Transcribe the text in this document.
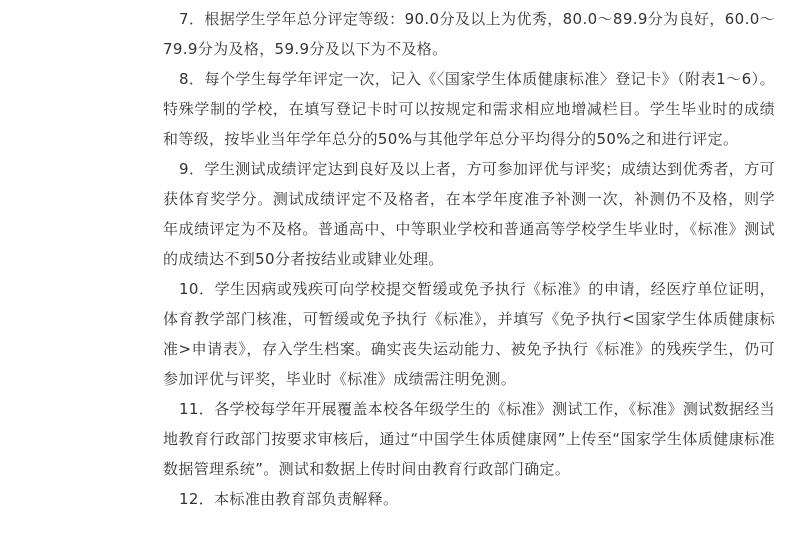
7．根据学生学年总分评定等级：90.0分及以上为优秀，80.0～89.9分为良好，60.0～79.9分为及格，59.9分及以下为不及格。

8．每个学生每学年评定一次，记入《〈国家学生体质健康标准〉登记卡》（附表1～6）。特殊学制的学校，在填写登记卡时可以按规定和需求相应地增减栏目。学生毕业时的成绩和等级，按毕业当年学年总分的50%与其他学年总分平均得分的50%之和进行评定。

9．学生测试成绩评定达到良好及以上者，方可参加评优与评奖；成绩达到优秀者，方可获体育奖学分。测试成绩评定不及格者，在本学年度准予补测一次，补测仍不及格，则学年成绩评定为不及格。普通高中、中等职业学校和普通高等学校学生毕业时，《标准》测试的成绩达不到50分者按结业或肄业处理。

10．学生因病或残疾可向学校提交暂缓或免予执行《标准》的申请，经医疗单位证明，体育教学部门核准，可暂缓或免予执行《标准》，并填写《免予执行<国家学生体质健康标准>申请表》，存入学生档案。确实丧失运动能力、被免予执行《标准》的残疾学生，仍可参加评优与评奖，毕业时《标准》成绩需注明免测。

11．各学校每学年开展覆盖本校各年级学生的《标准》测试工作，《标准》测试数据经当地教育行政部门按要求审核后，通过“中国学生体质健康网”上传至“国家学生体质健康标准数据管理系统”。测试和数据上传时间由教育行政部门确定。

12．本标准由教育部负责解释。
